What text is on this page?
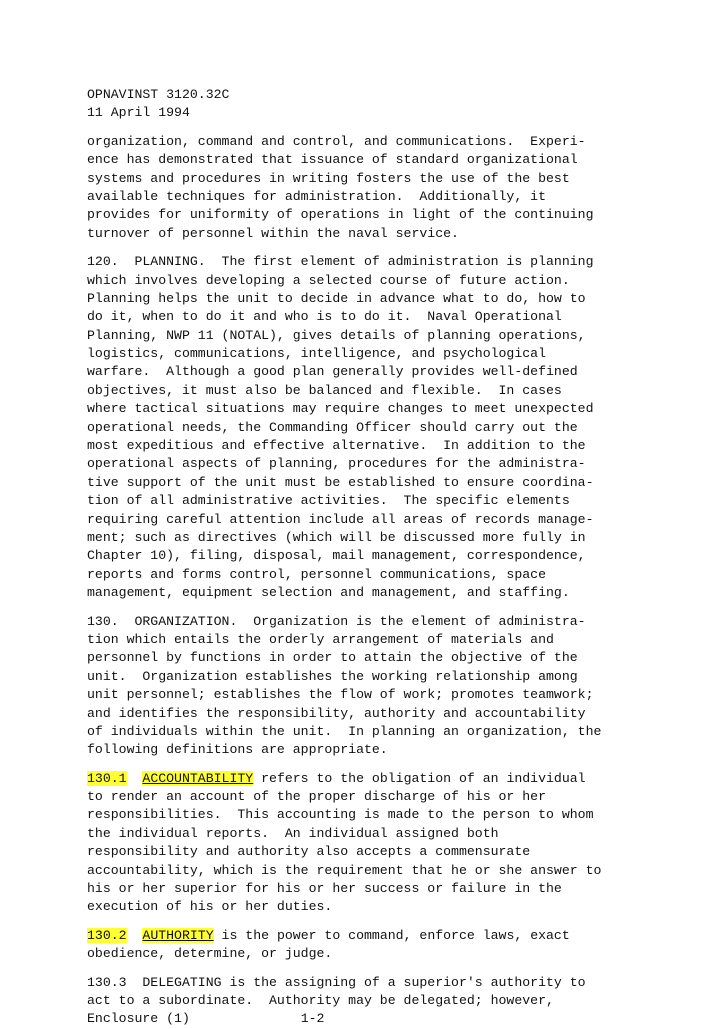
OPNAVINST 3120.32C
11 April 1994
organization, command and control, and communications.  Experi-
ence has demonstrated that issuance of standard organizational
systems and procedures in writing fosters the use of the best
available techniques for administration.  Additionally, it
provides for uniformity of operations in light of the continuing
turnover of personnel within the naval service.
120.  PLANNING.  The first element of administration is planning
which involves developing a selected course of future action.
Planning helps the unit to decide in advance what to do, how to
do it, when to do it and who is to do it.  Naval Operational
Planning, NWP 11 (NOTAL), gives details of planning operations,
logistics, communications, intelligence, and psychological
warfare.  Although a good plan generally provides well-defined
objectives, it must also be balanced and flexible.  In cases
where tactical situations may require changes to meet unexpected
operational needs, the Commanding Officer should carry out the
most expeditious and effective alternative.  In addition to the
operational aspects of planning, procedures for the administra-
tive support of the unit must be established to ensure coordina-
tion of all administrative activities.  The specific elements
requiring careful attention include all areas of records manage-
ment; such as directives (which will be discussed more fully in
Chapter 10), filing, disposal, mail management, correspondence,
reports and forms control, personnel communications, space
management, equipment selection and management, and staffing.
130.  ORGANIZATION.  Organization is the element of administra-
tion which entails the orderly arrangement of materials and
personnel by functions in order to attain the objective of the
unit.  Organization establishes the working relationship among
unit personnel; establishes the flow of work; promotes teamwork;
and identifies the responsibility, authority and accountability
of individuals within the unit.  In planning an organization, the
following definitions are appropriate.
130.1 ACCOUNTABILITY refers to the obligation of an individual
to render an account of the proper discharge of his or her
responsibilities.  This accounting is made to the person to whom
the individual reports.  An individual assigned both
responsibility and authority also accepts a commensurate
accountability, which is the requirement that he or she answer to
his or her superior for his or her success or failure in the
execution of his or her duties.
130.2 AUTHORITY is the power to command, enforce laws, exact
obedience, determine, or judge.
130.3  DELEGATING is the assigning of a superior's authority to
act to a subordinate.  Authority may be delegated; however,
Enclosure (1)	1-2
